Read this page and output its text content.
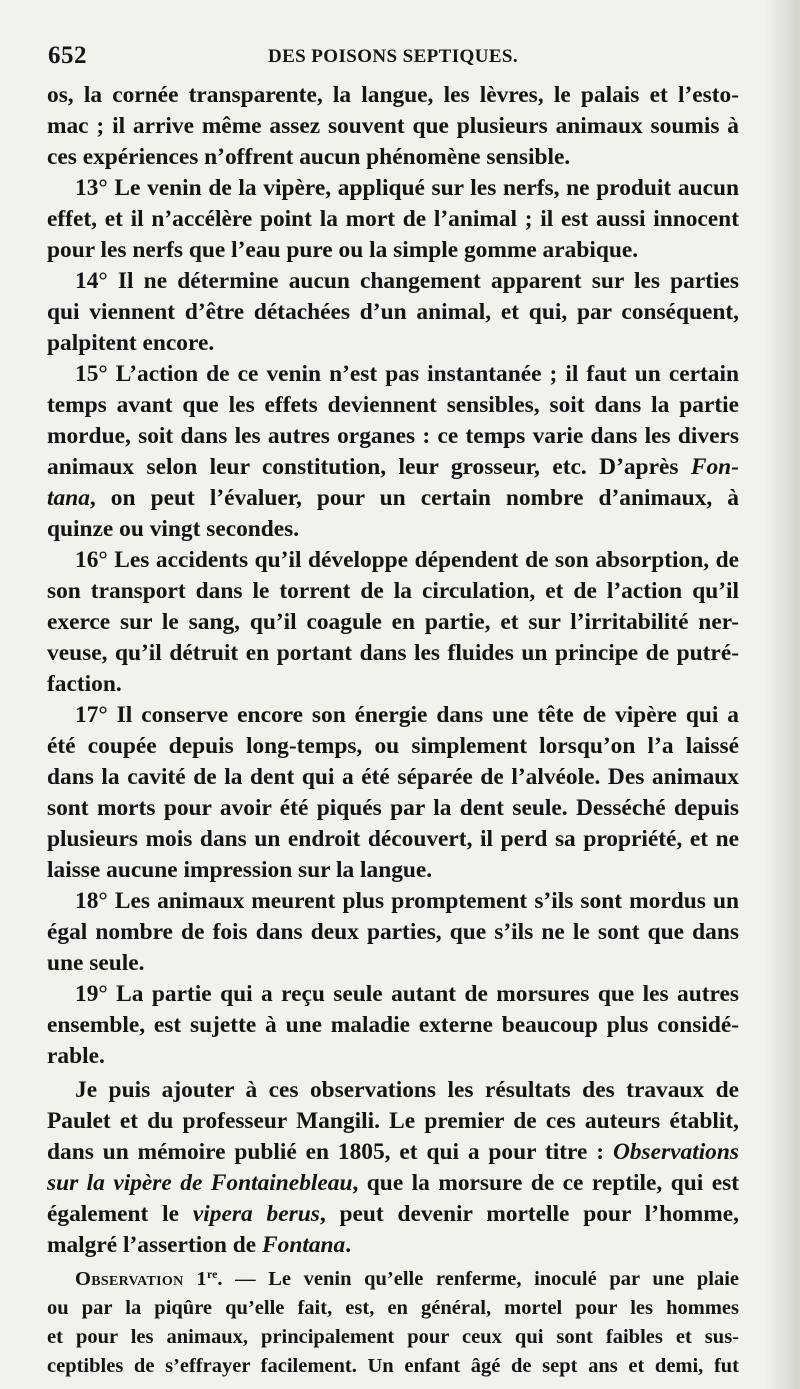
652	DES POISONS SEPTIQUES.

os, la cornée transparente, la langue, les lèvres, le palais et l’esto-
mac ; il arrive même assez souvent que plusieurs animaux soumis à
ces expériences n’offrent aucun phénomène sensible.

13° Le venin de la vipère, appliqué sur les nerfs, ne produit aucun
effet, et il n’accélère point la mort de l’animal ; il est aussi innocent
pour les nerfs que l’eau pure ou la simple gomme arabique.

14° Il ne détermine aucun changement apparent sur les parties
qui viennent d’être détachées d’un animal, et qui, par conséquent,
palpitent encore.

15° L’action de ce venin n’est pas instantanée ; il faut un certain
temps avant que les effets deviennent sensibles, soit dans la partie
mordue, soit dans les autres organes : ce temps varie dans les divers
animaux selon leur constitution, leur grosseur, etc. D’après Fon-
tana, on peut l’évaluer, pour un certain nombre d’animaux, à
quinze ou vingt secondes.

16° Les accidents qu’il développe dépendent de son absorption, de
son transport dans le torrent de la circulation, et de l’action qu’il
exerce sur le sang, qu’il coagule en partie, et sur l’irritabilité ner-
veuse, qu’il détruit en portant dans les fluides un principe de putré-
faction.

17° Il conserve encore son énergie dans une tête de vipère qui a
été coupée depuis long-temps, ou simplement lorsqu’on l’a laissé
dans la cavité de la dent qui a été séparée de l’alvéole. Des animaux
sont morts pour avoir été piqués par la dent seule. Desséché depuis
plusieurs mois dans un endroit découvert, il perd sa propriété, et ne
laisse aucune impression sur la langue.

18° Les animaux meurent plus promptement s’ils sont mordus un
égal nombre de fois dans deux parties, que s’ils ne le sont que dans
une seule.

19° La partie qui a reçu seule autant de morsures que les autres
ensemble, est sujette à une maladie externe beaucoup plus considé-
rable.

Je puis ajouter à ces observations les résultats des travaux de
Paulet et du professeur Mangili. Le premier de ces auteurs établit,
dans un mémoire publié en 1805, et qui a pour titre : Observations
sur la vipère de Fontainebleau, que la morsure de ce reptile, qui est
également le vipera berus, peut devenir mortelle pour l’homme,
malgré l’assertion de Fontana.

Observation 1re. — Le venin qu’elle renferme, inoculé par une plaie
ou par la piqûre qu’elle fait, est, en général, mortel pour les hommes
et pour les animaux, principalement pour ceux qui sont faibles et sus-
ceptibles de s’effrayer facilement. Un enfant âgé de sept ans et demi, fut
